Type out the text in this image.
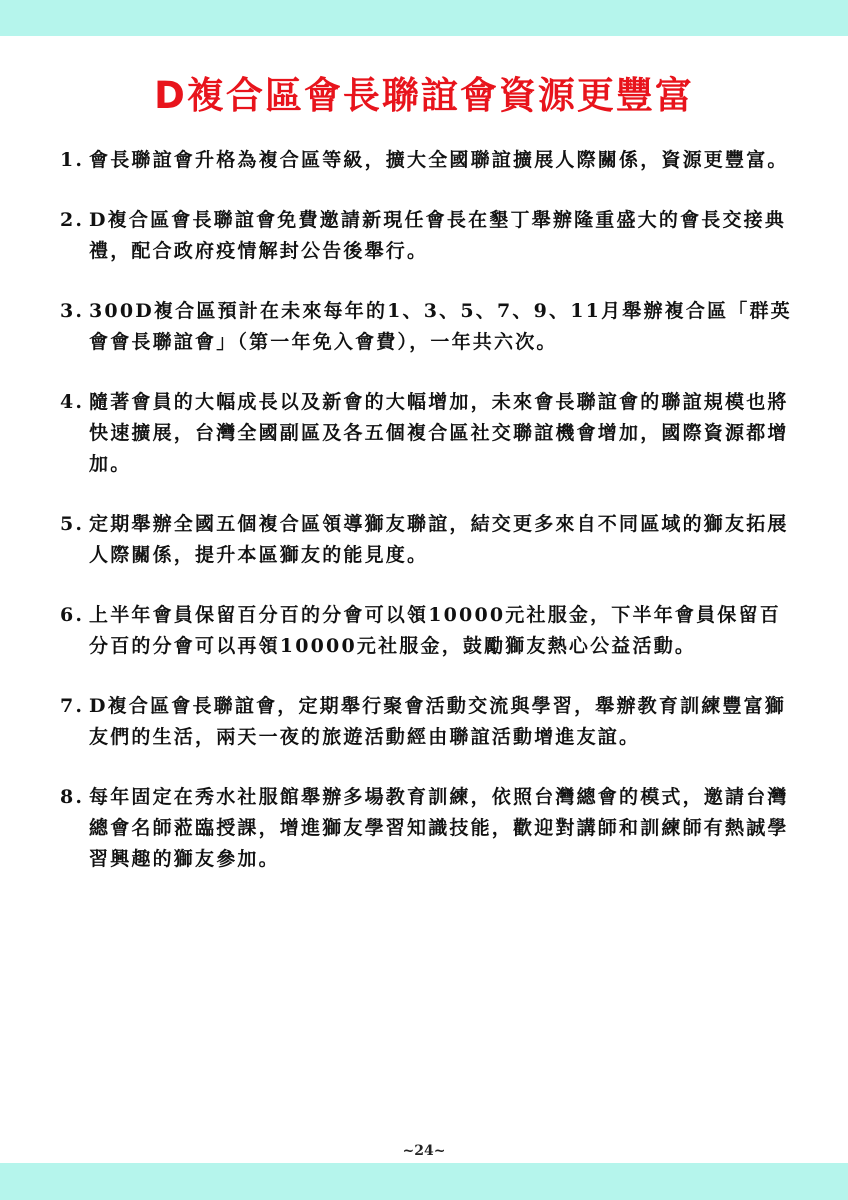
D複合區會長聯誼會資源更豐富
1. 會長聯誼會升格為複合區等級，擴大全國聯誼擴展人際關係，資源更豐富。
2. D複合區會長聯誼會免費邀請新現任會長在墾丁舉辦隆重盛大的會長交接典禮，配合政府疫情解封公告後舉行。
3. 300D複合區預計在未來每年的1、3、5、7、9、11月舉辦複合區「群英會會長聯誼會」（第一年免入會費），一年共六次。
4. 隨著會員的大幅成長以及新會的大幅增加，未來會長聯誼會的聯誼規模也將快速擴展，台灣全國副區及各五個複合區社交聯誼機會增加，國際資源都增加。
5. 定期舉辦全國五個複合區領導獅友聯誼，結交更多來自不同區域的獅友拓展人際關係，提升本區獅友的能見度。
6. 上半年會員保留百分百的分會可以領10000元社服金，下半年會員保留百分百的分會可以再領10000元社服金，鼓勵獅友熱心公益活動。
7. D複合區會長聯誼會，定期舉行聚會活動交流與學習，舉辦教育訓練豐富獅友們的生活，兩天一夜的旅遊活動經由聯誼活動增進友誼。
8. 每年固定在秀水社服館舉辦多場教育訓練，依照台灣總會的模式，邀請台灣總會名師蒞臨授課，增進獅友學習知識技能，歡迎對講師和訓練師有熱誠學習興趣的獅友參加。
~24~
